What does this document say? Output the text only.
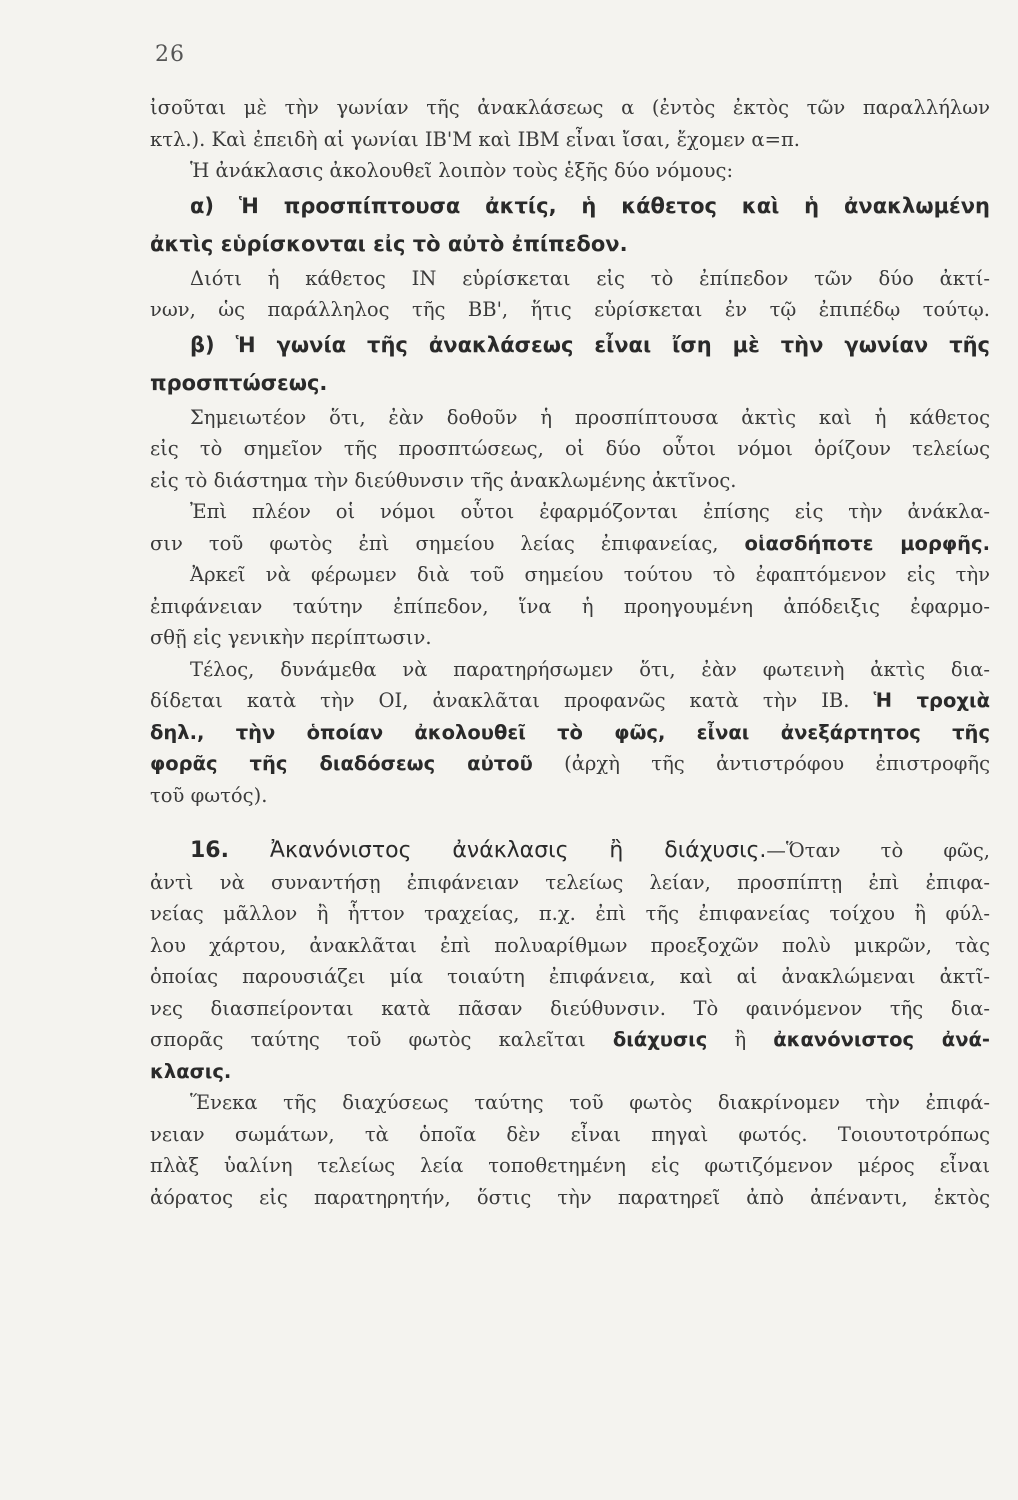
26
ἰσοῦται μὲ τὴν γωνίαν τῆς ἀνακλάσεως α (ἐντὸς ἐκτὸς τῶν παραλλήλων
κτλ.). Καὶ ἐπειδὴ αἱ γωνίαι ΙΒ'Μ καὶ ΙΒΜ εἶναι ἴσαι, ἔχομεν α=π.
Ἡ ἀνάκλασις ἀκολουθεῖ λοιπὸν τοὺς ἑξῆς δύο νόμους:
α) Ἡ προσπίπτουσα ἀκτίς, ἡ κάθετος καὶ ἡ ἀνακλωμένη
ἀκτὶς εὑρίσκονται εἰς τὸ αὐτὸ ἐπίπεδον.
Διότι ἡ κάθετος ΙΝ εὑρίσκεται εἰς τὸ ἐπίπεδον τῶν δύο ἀκτί-
νων, ὡς παράλληλος τῆς ΒΒ', ἥτις εὑρίσκεται ἐν τῷ ἐπιπέδῳ τούτῳ.
β) Ἡ γωνία τῆς ἀνακλάσεως εἶναι ἴση μὲ τὴν γωνίαν τῆς
προσπτώσεως.
Σημειωτέον ὅτι, ἐὰν δοθοῦν ἡ προσπίπτουσα ἀκτὶς καὶ ἡ κάθετος
εἰς τὸ σημεῖον τῆς προσπτώσεως, οἱ δύο οὗτοι νόμοι ὁρίζουν τελείως
εἰς τὸ διάστημα τὴν διεύθυνσιν τῆς ἀνακλωμένης ἀκτῖνος.
Ἐπὶ πλέον οἱ νόμοι οὗτοι ἐφαρμόζονται ἐπίσης εἰς τὴν ἀνάκλα-
σιν τοῦ φωτὸς ἐπὶ σημείου λείας ἐπιφανείας, οἱασδήποτε μορφῆς.
Ἀρκεῖ νὰ φέρωμεν διὰ τοῦ σημείου τούτου τὸ ἐφαπτόμενον εἰς τὴν
ἐπιφάνειαν ταύτην ἐπίπεδον, ἵνα ἡ προηγουμένη ἀπόδειξις ἐφαρμο-
σθῇ εἰς γενικὴν περίπτωσιν.
Τέλος, δυνάμεθα νὰ παρατηρήσωμεν ὅτι, ἐὰν φωτεινὴ ἀκτὶς δια-
δίδεται κατὰ τὴν ΟΙ, ἀνακλᾶται προφανῶς κατὰ τὴν ΙΒ. Ἡ τροχιὰ
δηλ., τὴν ὁποίαν ἀκολουθεῖ τὸ φῶς, εἶναι ἀνεξάρτητος τῆς
φορᾶς τῆς διαδόσεως αὐτοῦ (ἀρχὴ τῆς ἀντιστρόφου ἐπιστροφῆς
τοῦ φωτός).
16. Ἀκανόνιστος ἀνάκλασις ἢ διάχυσις.—Ὅταν τὸ φῶς,
ἀντὶ νὰ συναντήσῃ ἐπιφάνειαν τελείως λείαν, προσπίπτῃ ἐπὶ ἐπιφα-
νείας μᾶλλον ἢ ἧττον τραχείας, π.χ. ἐπὶ τῆς ἐπιφανείας τοίχου ἢ φύλ-
λου χάρτου, ἀνακλᾶται ἐπὶ πολυαρίθμων προεξοχῶν πολὺ μικρῶν, τὰς
ὁποίας παρουσιάζει μία τοιαύτη ἐπιφάνεια, καὶ αἱ ἀνακλώμεναι ἀκτῖ-
νες διασπείρονται κατὰ πᾶσαν διεύθυνσιν. Τὸ φαινόμενον τῆς δια-
σπορᾶς ταύτης τοῦ φωτὸς καλεῖται διάχυσις ἢ ἀκανόνιστος ἀνά-
κλασις.
Ἕνεκα τῆς διαχύσεως ταύτης τοῦ φωτὸς διακρίνομεν τὴν ἐπιφά-
νειαν σωμάτων, τὰ ὁποῖα δὲν εἶναι πηγαὶ φωτός. Τοιουτοτρόπως
πλὰξ ὑαλίνη τελείως λεία τοποθετημένη εἰς φωτιζόμενον μέρος εἶναι
ἀόρατος εἰς παρατηρητήν, ὅστις τὴν παρατηρεῖ ἀπὸ ἀπέναντι, ἐκτὸς
